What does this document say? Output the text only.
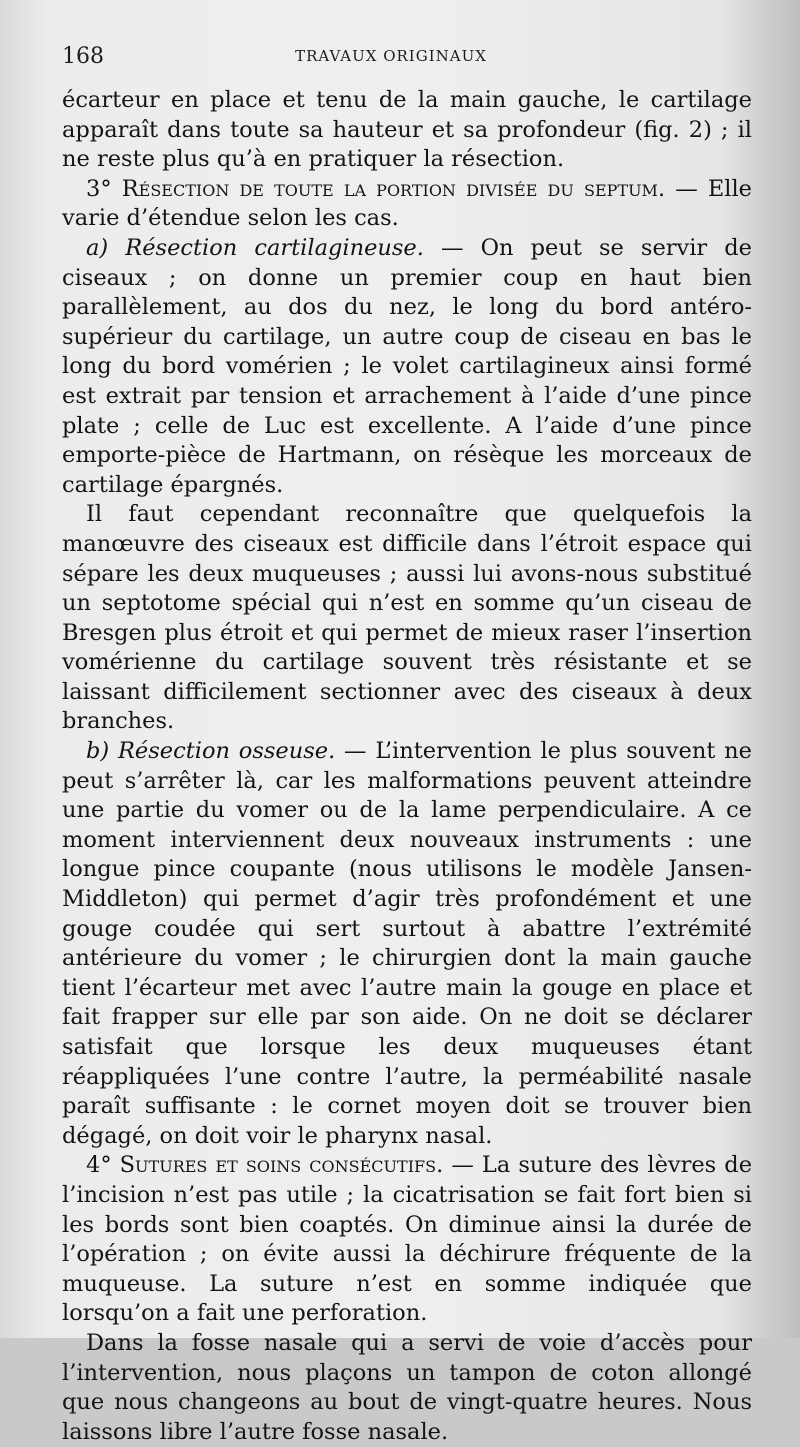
168	TRAVAUX ORIGINAUX

écarteur en place et tenu de la main gauche, le cartilage apparaît dans toute sa hauteur et sa profondeur (fig. 2) ; il ne reste plus qu’à en pratiquer la résection.

3° Résection de toute la portion divisée du septum. — Elle varie d’étendue selon les cas.

a) Résection cartilagineuse. — On peut se servir de ciseaux ; on donne un premier coup en haut bien parallèlement, au dos du nez, le long du bord antéro-supérieur du cartilage, un autre coup de ciseau en bas le long du bord vomérien ; le volet cartilagineux ainsi formé est extrait par tension et arrachement à l’aide d’une pince plate ; celle de Luc est excellente. A l’aide d’une pince emporte-pièce de Hartmann, on résèque les morceaux de cartilage épargnés.

Il faut cependant reconnaître que quelquefois la manœuvre des ciseaux est difficile dans l’étroit espace qui sépare les deux muqueuses ; aussi lui avons-nous substitué un septotome spécial qui n’est en somme qu’un ciseau de Bresgen plus étroit et qui permet de mieux raser l’insertion vomérienne du cartilage souvent très résistante et se laissant difficilement sectionner avec des ciseaux à deux branches.

b) Résection osseuse. — L’intervention le plus souvent ne peut s’arrêter là, car les malformations peuvent atteindre une partie du vomer ou de la lame perpendiculaire. A ce moment interviennent deux nouveaux instruments : une longue pince coupante (nous utilisons le modèle Jansen-Middleton) qui permet d’agir très profondément et une gouge coudée qui sert surtout à abattre l’extrémité antérieure du vomer ; le chirurgien dont la main gauche tient l’écarteur met avec l’autre main la gouge en place et fait frapper sur elle par son aide. On ne doit se déclarer satisfait que lorsque les deux muqueuses étant réappliquées l’une contre l’autre, la perméabilité nasale paraît suffisante : le cornet moyen doit se trouver bien dégagé, on doit voir le pharynx nasal.

4° Sutures et soins consécutifs. — La suture des lèvres de l’incision n’est pas utile ; la cicatrisation se fait fort bien si les bords sont bien coaptés. On diminue ainsi la durée de l’opération ; on évite aussi la déchirure fréquente de la muqueuse. La suture n’est en somme indiquée que lorsqu’on a fait une perforation.

Dans la fosse nasale qui a servi de voie d’accès pour l’intervention, nous plaçons un tampon de coton allongé que nous changeons au bout de vingt-quatre heures. Nous laissons libre l’autre fosse nasale.
